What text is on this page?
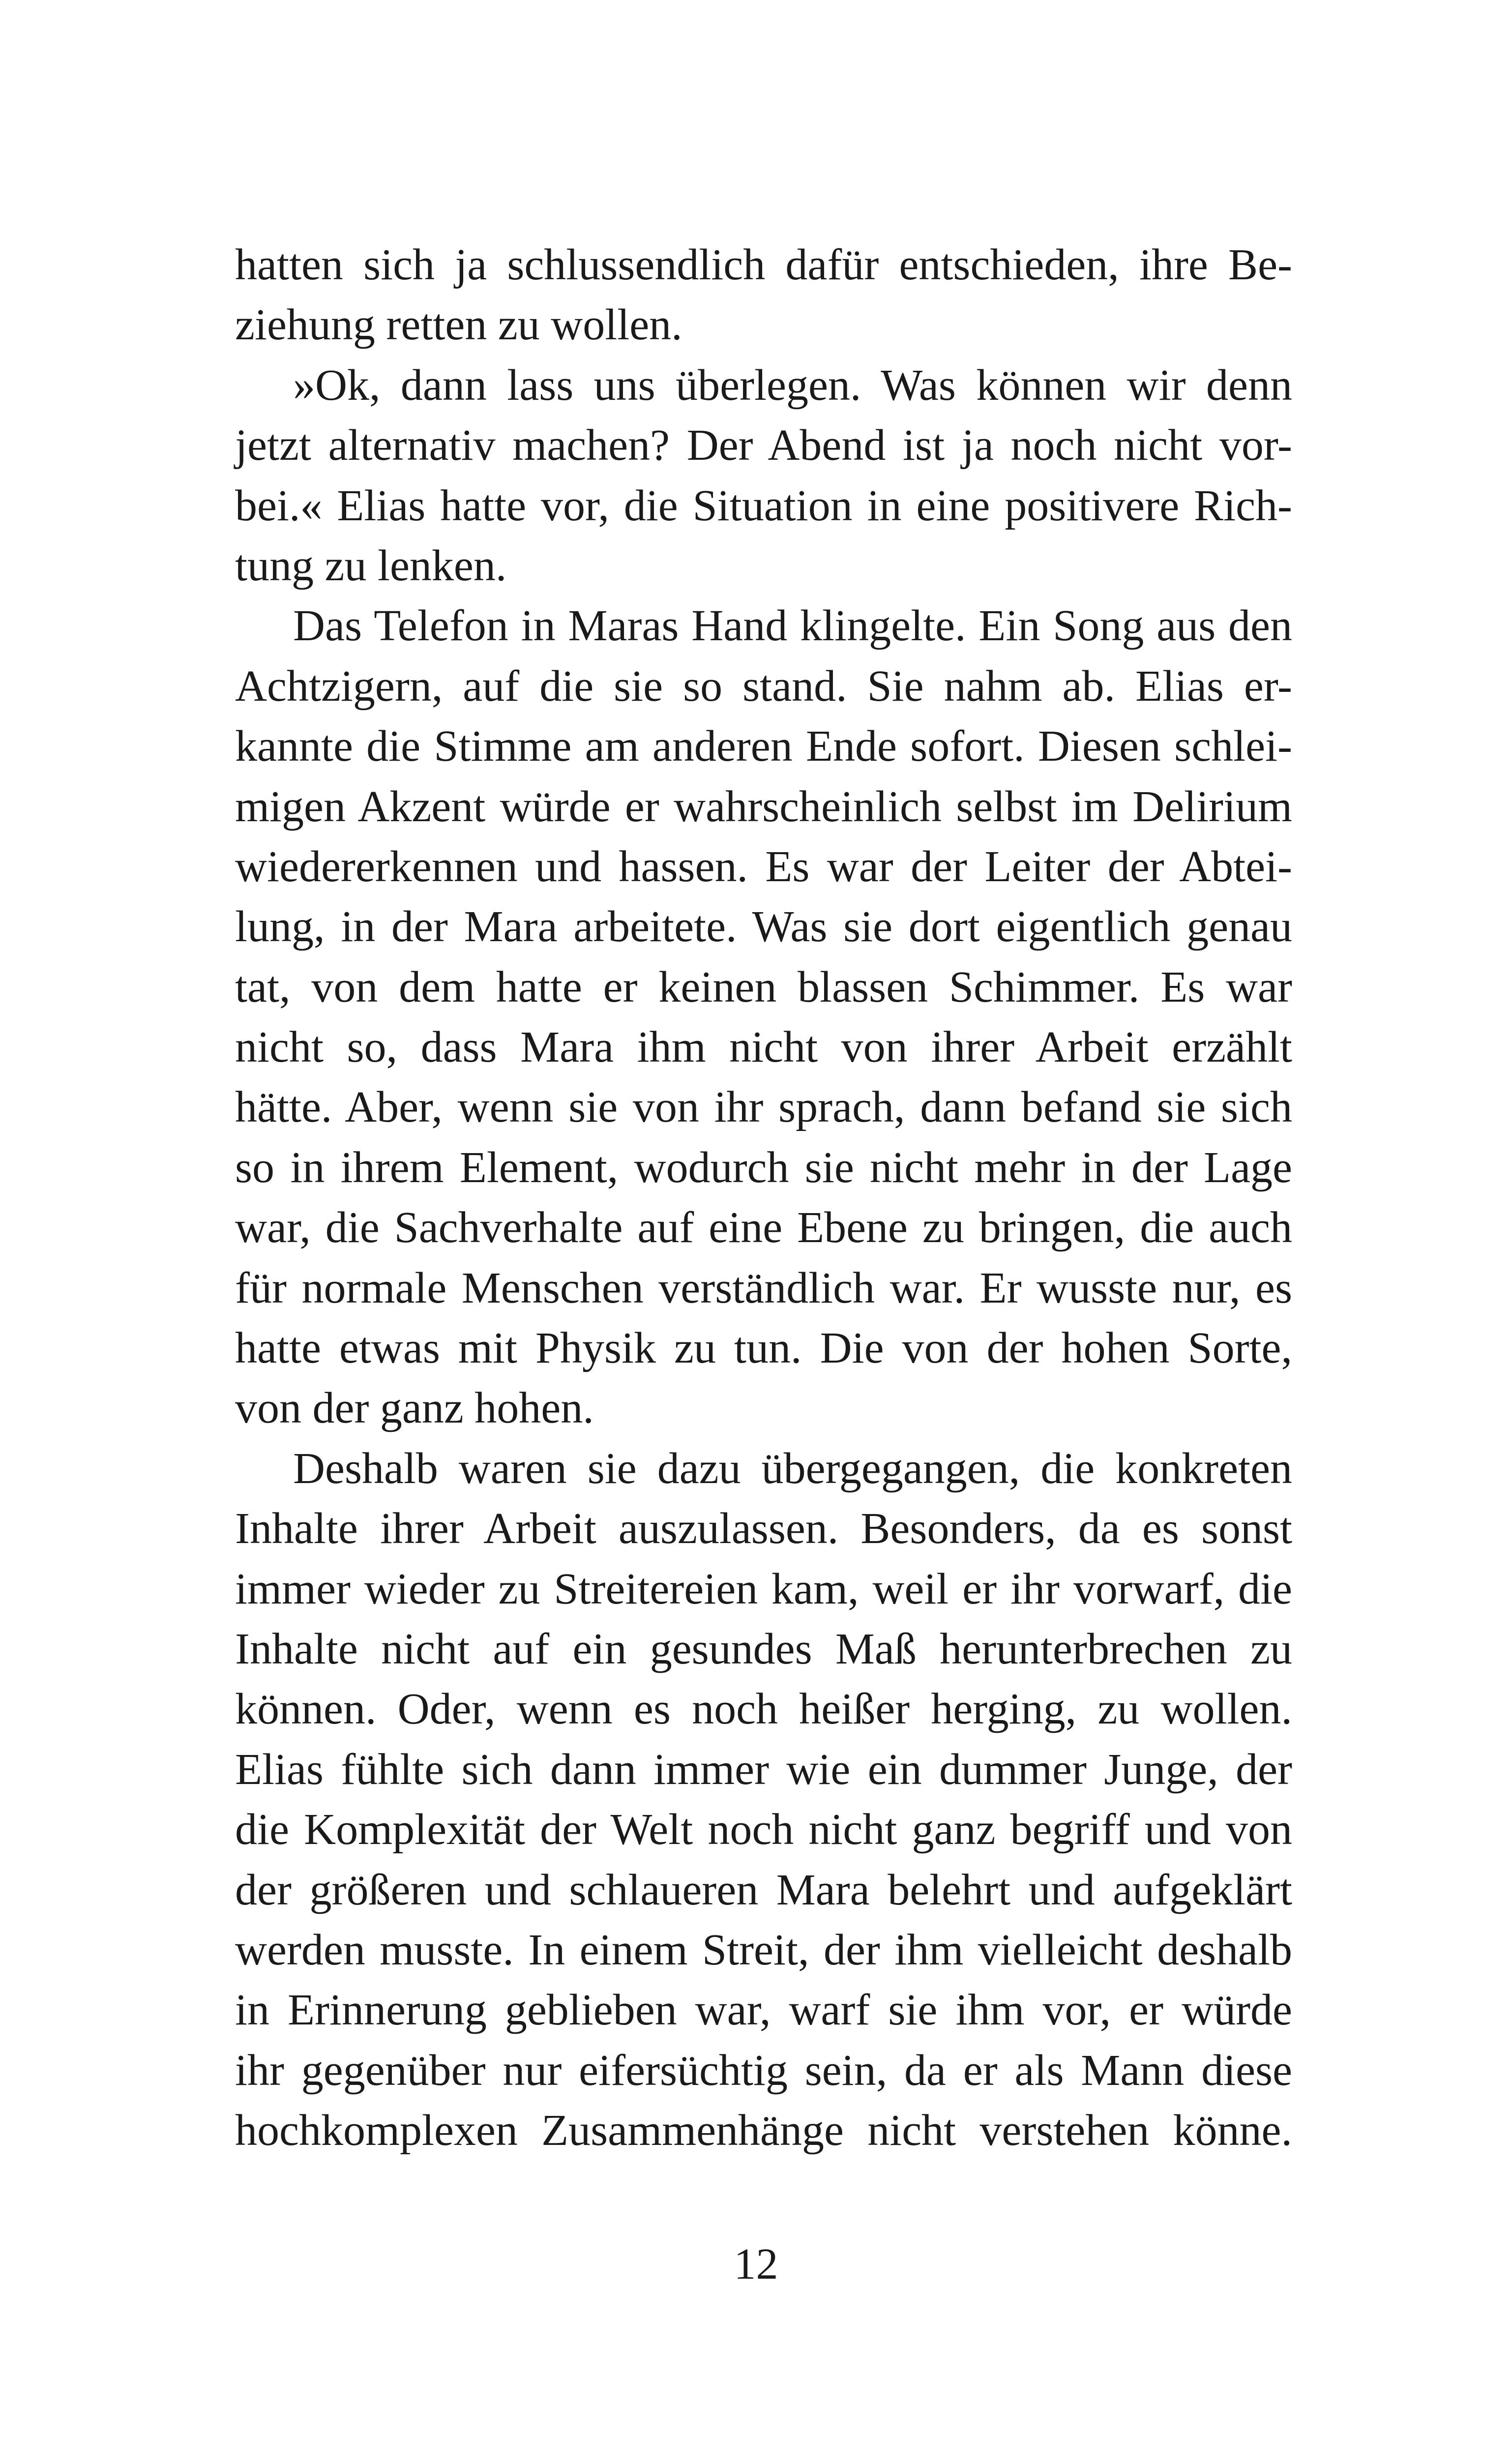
hatten sich ja schlussendlich dafür entschieden, ihre Be-
ziehung retten zu wollen.
»Ok, dann lass uns überlegen. Was können wir denn
jetzt alternativ machen? Der Abend ist ja noch nicht vor-
bei.« Elias hatte vor, die Situation in eine positivere Rich-
tung zu lenken.
Das Telefon in Maras Hand klingelte. Ein Song aus den
Achtzigern, auf die sie so stand. Sie nahm ab. Elias er-
kannte die Stimme am anderen Ende sofort. Diesen schlei-
migen Akzent würde er wahrscheinlich selbst im Delirium
wiedererkennen und hassen. Es war der Leiter der Abtei-
lung, in der Mara arbeitete. Was sie dort eigentlich genau
tat, von dem hatte er keinen blassen Schimmer. Es war
nicht so, dass Mara ihm nicht von ihrer Arbeit erzählt
hätte. Aber, wenn sie von ihr sprach, dann befand sie sich
so in ihrem Element, wodurch sie nicht mehr in der Lage
war, die Sachverhalte auf eine Ebene zu bringen, die auch
für normale Menschen verständlich war. Er wusste nur, es
hatte etwas mit Physik zu tun. Die von der hohen Sorte,
von der ganz hohen.
Deshalb waren sie dazu übergegangen, die konkreten
Inhalte ihrer Arbeit auszulassen. Besonders, da es sonst
immer wieder zu Streitereien kam, weil er ihr vorwarf, die
Inhalte nicht auf ein gesundes Maß herunterbrechen zu
können. Oder, wenn es noch heißer herging, zu wollen.
Elias fühlte sich dann immer wie ein dummer Junge, der
die Komplexität der Welt noch nicht ganz begriff und von
der größeren und schlaueren Mara belehrt und aufgeklärt
werden musste. In einem Streit, der ihm vielleicht deshalb
in Erinnerung geblieben war, warf sie ihm vor, er würde
ihr gegenüber nur eifersüchtig sein, da er als Mann diese
hochkomplexen Zusammenhänge nicht verstehen könne.
12
